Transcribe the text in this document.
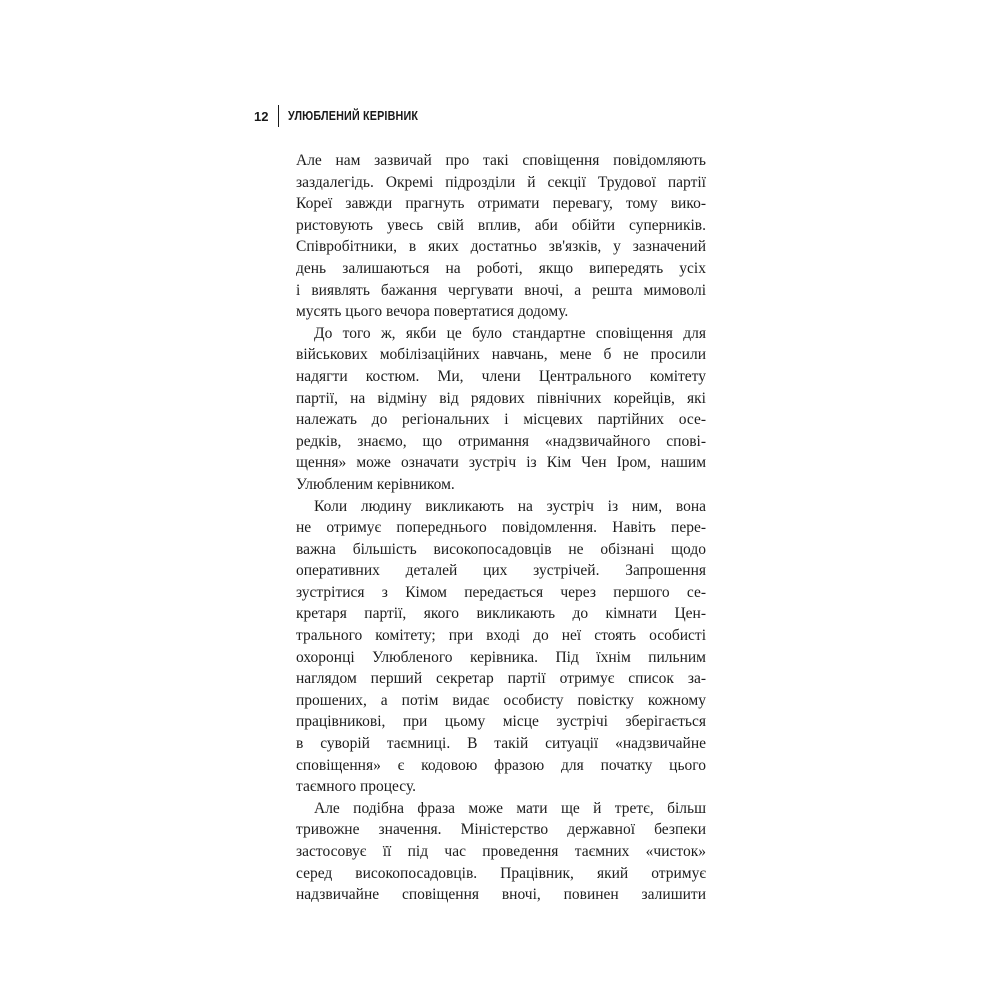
12 УЛЮБЛЕНИЙ КЕРІВНИК
Але нам зазвичай про такі сповіщення повідомляють
заздалегідь. Окремі підрозділи й секції Трудової партії
Кореї завжди прагнуть отримати перевагу, тому вико-
ристовують увесь свій вплив, аби обійти суперників.
Співробітники, в яких достатньо зв'язків, у зазначений
день залишаються на роботі, якщо випередять усіх
і виявлять бажання чергувати вночі, а решта мимоволі
мусять цього вечора повертатися додому.
До того ж, якби це було стандартне сповіщення для
військових мобілізаційних навчань, мене б не просили
надягти костюм. Ми, члени Центрального комітету
партії, на відміну від рядових північних корейців, які
належать до регіональних і місцевих партійних осе-
редків, знаємо, що отримання «надзвичайного спові-
щення» може означати зустріч із Кім Чен Іром, нашим
Улюбленим керівником.
Коли людину викликають на зустріч із ним, вона
не отримує попереднього повідомлення. Навіть пере-
важна більшість високопосадовців не обізнані щодо
оперативних деталей цих зустрічей. Запрошення
зустрітися з Кімом передається через першого се-
кретаря партії, якого викликають до кімнати Цен-
трального комітету; при вході до неї стоять особисті
охоронці Улюбленого керівника. Під їхнім пильним
наглядом перший секретар партії отримує список за-
прошених, а потім видає особисту повістку кожному
працівникові, при цьому місце зустрічі зберігається
в суворій таємниці. В такій ситуації «надзвичайне
сповіщення» є кодовою фразою для початку цього
таємного процесу.
Але подібна фраза може мати ще й третє, більш
тривожне значення. Міністерство державної безпеки
застосовує її під час проведення таємних «чисток»
серед високопосадовців. Працівник, який отримує
надзвичайне сповіщення вночі, повинен залишити
